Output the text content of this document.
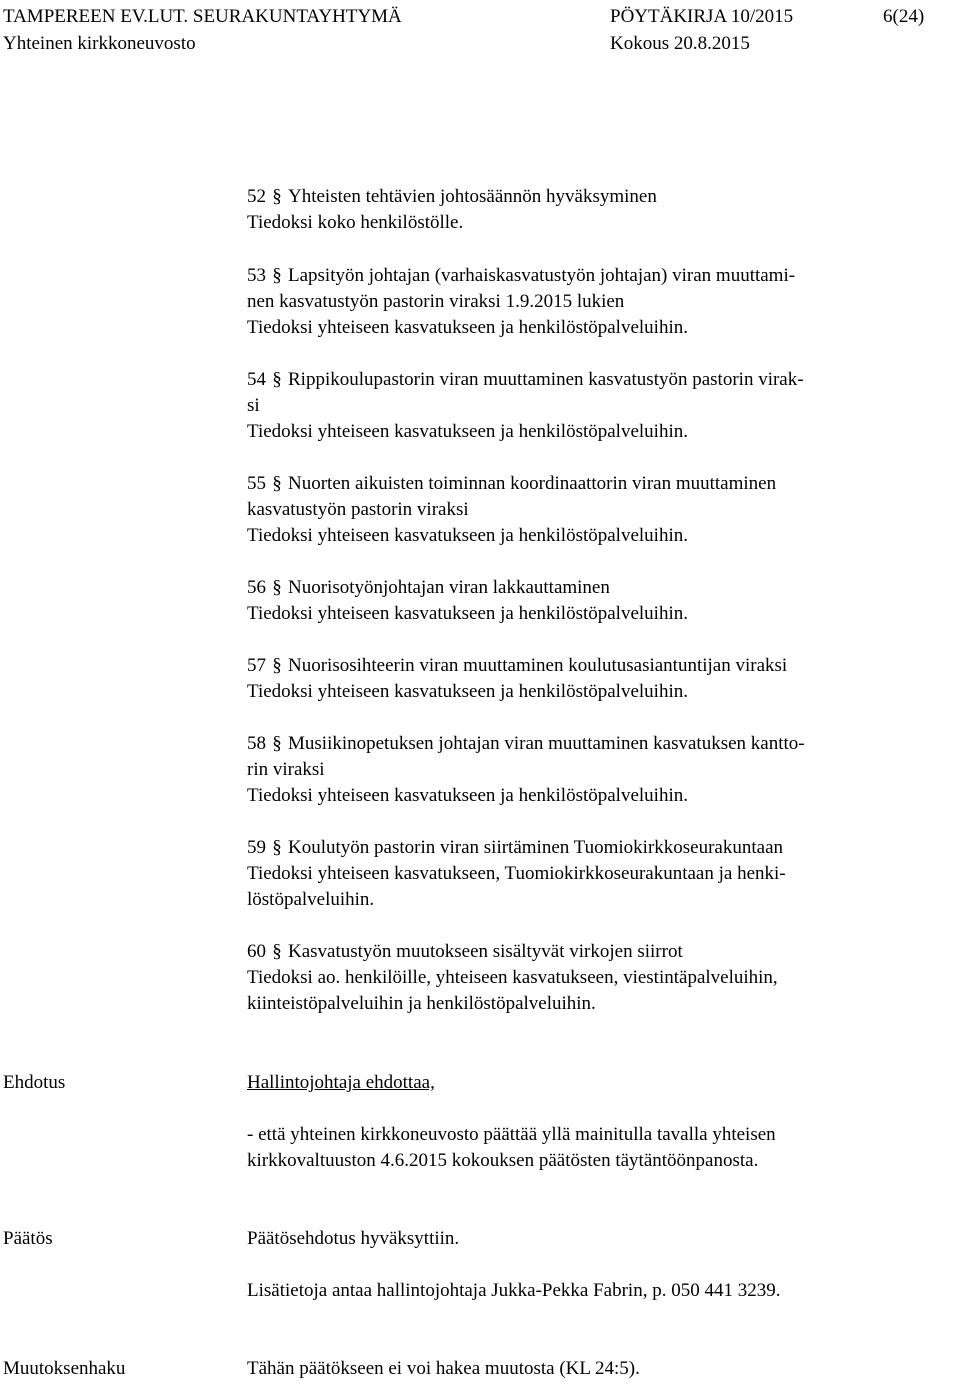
TAMPEREEN EV.LUT. SEURAKUNTAYHTYMÄ	PÖYTÄKIRJA 10/2015	6(24)
Yhteinen kirkkoneuvosto	Kokous 20.8.2015
52 § Yhteisten tehtävien johtosäännön hyväksyminen
Tiedoksi koko henkilöstölle.
53 § Lapsityön johtajan (varhaiskasvatustyön johtajan) viran muuttami-
nen kasvatustyön pastorin viraksi 1.9.2015 lukien
Tiedoksi yhteiseen kasvatukseen ja henkilöstöpalveluihin.
54 § Rippikoulupastorin viran muuttaminen kasvatustyön pastorin virak-
si
Tiedoksi yhteiseen kasvatukseen ja henkilöstöpalveluihin.
55 § Nuorten aikuisten toiminnan koordinaattorin viran muuttaminen
kasvatustyön pastorin viraksi
Tiedoksi yhteiseen kasvatukseen ja henkilöstöpalveluihin.
56 § Nuorisotyönjohtajan viran lakkauttaminen
Tiedoksi yhteiseen kasvatukseen ja henkilöstöpalveluihin.
57 § Nuorisosihteerin viran muuttaminen koulutusasiantuntijan viraksi
Tiedoksi yhteiseen kasvatukseen ja henkilöstöpalveluihin.
58 § Musiikinopetuksen johtajan viran muuttaminen kasvatuksen kantto-
rin viraksi
Tiedoksi yhteiseen kasvatukseen ja henkilöstöpalveluihin.
59 § Koulutyön pastorin viran siirtäminen Tuomiokirkkoseurakuntaan
Tiedoksi yhteiseen kasvatukseen, Tuomiokirkkoseurakuntaan ja henki-
löstöpalveluihin.
60 § Kasvatustyön muutokseen sisältyvät virkojen siirrot
Tiedoksi ao. henkilöille, yhteiseen kasvatukseen, viestintäpalveluihin,
kiinteistöpalveluihin ja henkilöstöpalveluihin.
Ehdotus	Hallintojohtaja ehdottaa,
- että yhteinen kirkkoneuvosto päättää yllä mainitulla tavalla yhteisen
kirkkovaltuuston 4.6.2015 kokouksen päätösten täytäntöönpanosta.
Päätös	Päätösehdotus hyväksyttiin.
Lisätietoja antaa hallintojohtaja Jukka-Pekka Fabrin, p. 050 441 3239.
Muutoksenhaku	Tähän päätökseen ei voi hakea muutosta (KL 24:5).
